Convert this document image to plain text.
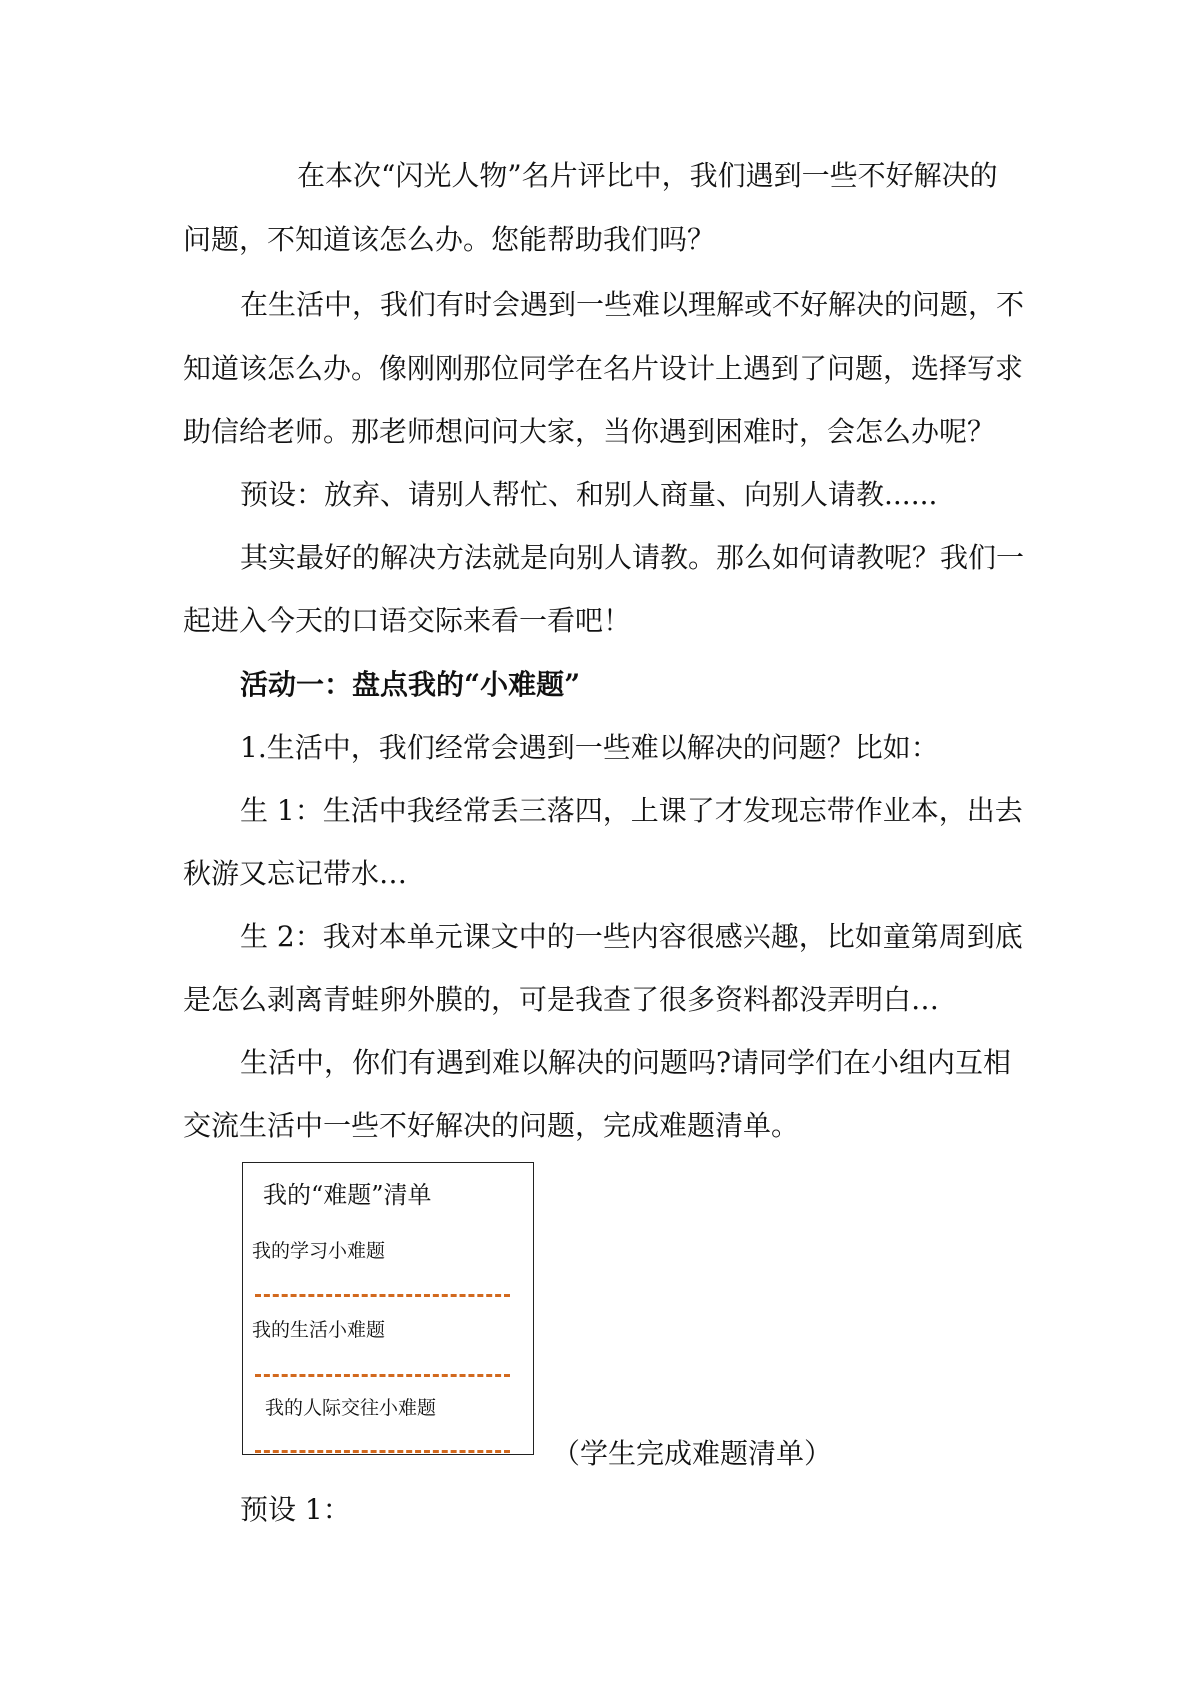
在本次“闪光人物”名片评比中，我们遇到一些不好解决的
问题，不知道该怎么办。您能帮助我们吗？
在生活中，我们有时会遇到一些难以理解或不好解决的问题，不
知道该怎么办。像刚刚那位同学在名片设计上遇到了问题，选择写求
助信给老师。那老师想问问大家，当你遇到困难时，会怎么办呢？
预设：放弃、请别人帮忙、和别人商量、向别人请教......
其实最好的解决方法就是向别人请教。那么如何请教呢？我们一
起进入今天的口语交际来看一看吧！
活动一：盘点我的“小难题”
1.生活中，我们经常会遇到一些难以解决的问题？比如：
生 1：生活中我经常丢三落四，上课了才发现忘带作业本，出去
秋游又忘记带水…
生 2：我对本单元课文中的一些内容很感兴趣，比如童第周到底
是怎么剥离青蛙卵外膜的，可是我查了很多资料都没弄明白…
生活中，你们有遇到难以解决的问题吗?请同学们在小组内互相
交流生活中一些不好解决的问题，完成难题清单。
我的“难题”清单
我的学习小难题
我的生活小难题
我的人际交往小难题
（学生完成难题清单）
预设 1：
